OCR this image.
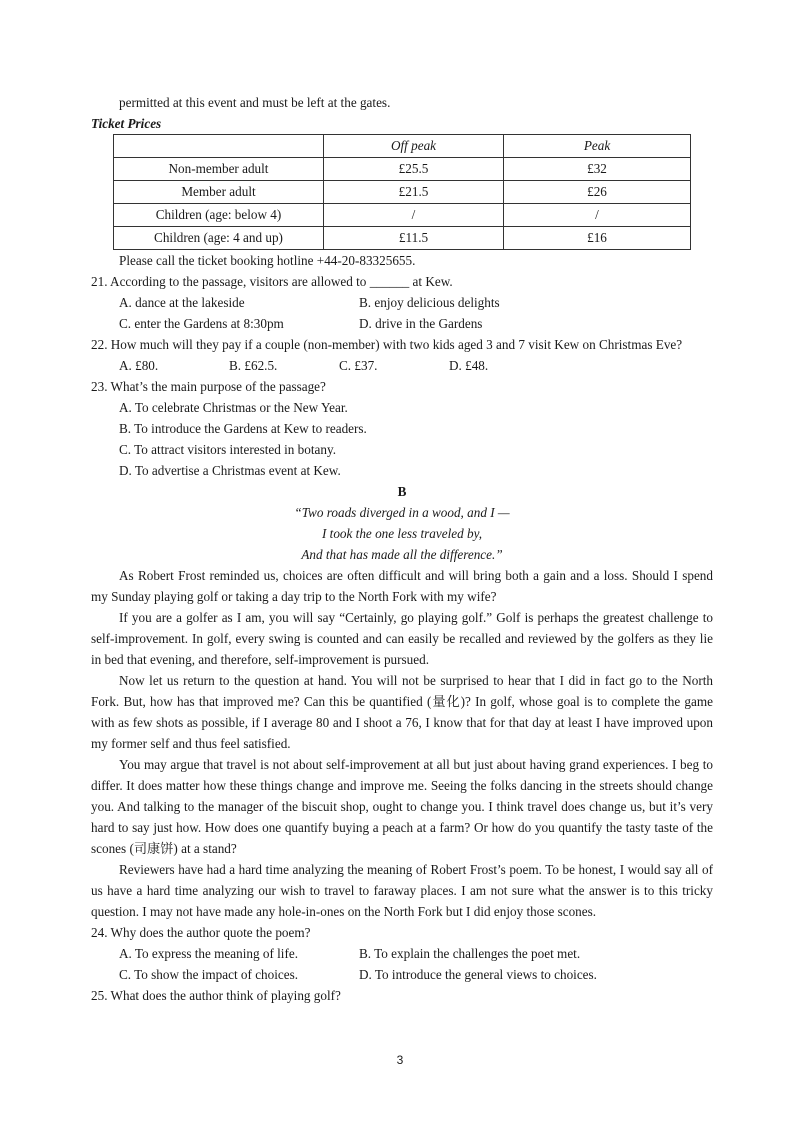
permitted at this event and must be left at the gates.

Ticket Prices

	Off peak	Peak
Non-member adult	£25.5	£32
Member adult	£21.5	£26
Children (age: below 4)	/	/
Children (age: 4 and up)	£11.5	£16

Please call the ticket booking hotline +44-20-83325655.

21. According to the passage, visitors are allowed to ______ at Kew.

A. dance at the lakeside	B. enjoy delicious delights
C. enter the Gardens at 8:30pm	D. drive in the Gardens

22. How much will they pay if a couple (non-member) with two kids aged 3 and 7 visit Kew on Christmas Eve?

A. £80.	B. £62.5.	C. £37.	D. £48.

23. What’s the main purpose of the passage?

A. To celebrate Christmas or the New Year.

B. To introduce the Gardens at Kew to readers.

C. To attract visitors interested in botany.

D. To advertise a Christmas event at Kew.

B

“Two roads diverged in a wood, and I —

I took the one less traveled by,

And that has made all the difference.”

As Robert Frost reminded us, choices are often difficult and will bring both a gain and a loss. Should I spend my Sunday playing golf or taking a day trip to the North Fork with my wife?

If you are a golfer as I am, you will say “Certainly, go playing golf.” Golf is perhaps the greatest challenge to self-improvement. In golf, every swing is counted and can easily be recalled and reviewed by the golfers as they lie in bed that evening, and therefore, self-improvement is pursued.

Now let us return to the question at hand. You will not be surprised to hear that I did in fact go to the North Fork. But, how has that improved me? Can this be quantified (量化)? In golf, whose goal is to complete the game with as few shots as possible, if I average 80 and I shoot a 76, I know that for that day at least I have improved upon my former self and thus feel satisfied.

You may argue that travel is not about self-improvement at all but just about having grand experiences. I beg to differ. It does matter how these things change and improve me. Seeing the folks dancing in the streets should change you. And talking to the manager of the biscuit shop, ought to change you. I think travel does change us, but it’s very hard to say just how. How does one quantify buying a peach at a farm? Or how do you quantify the tasty taste of the scones (司康饼) at a stand?

Reviewers have had a hard time analyzing the meaning of Robert Frost’s poem. To be honest, I would say all of us have a hard time analyzing our wish to travel to faraway places. I am not sure what the answer is to this tricky question. I may not have made any hole-in-ones on the North Fork but I did enjoy those scones.

24. Why does the author quote the poem?

A. To express the meaning of life.	B. To explain the challenges the poet met.
C. To show the impact of choices.	D. To introduce the general views to choices.

25. What does the author think of playing golf?

3
